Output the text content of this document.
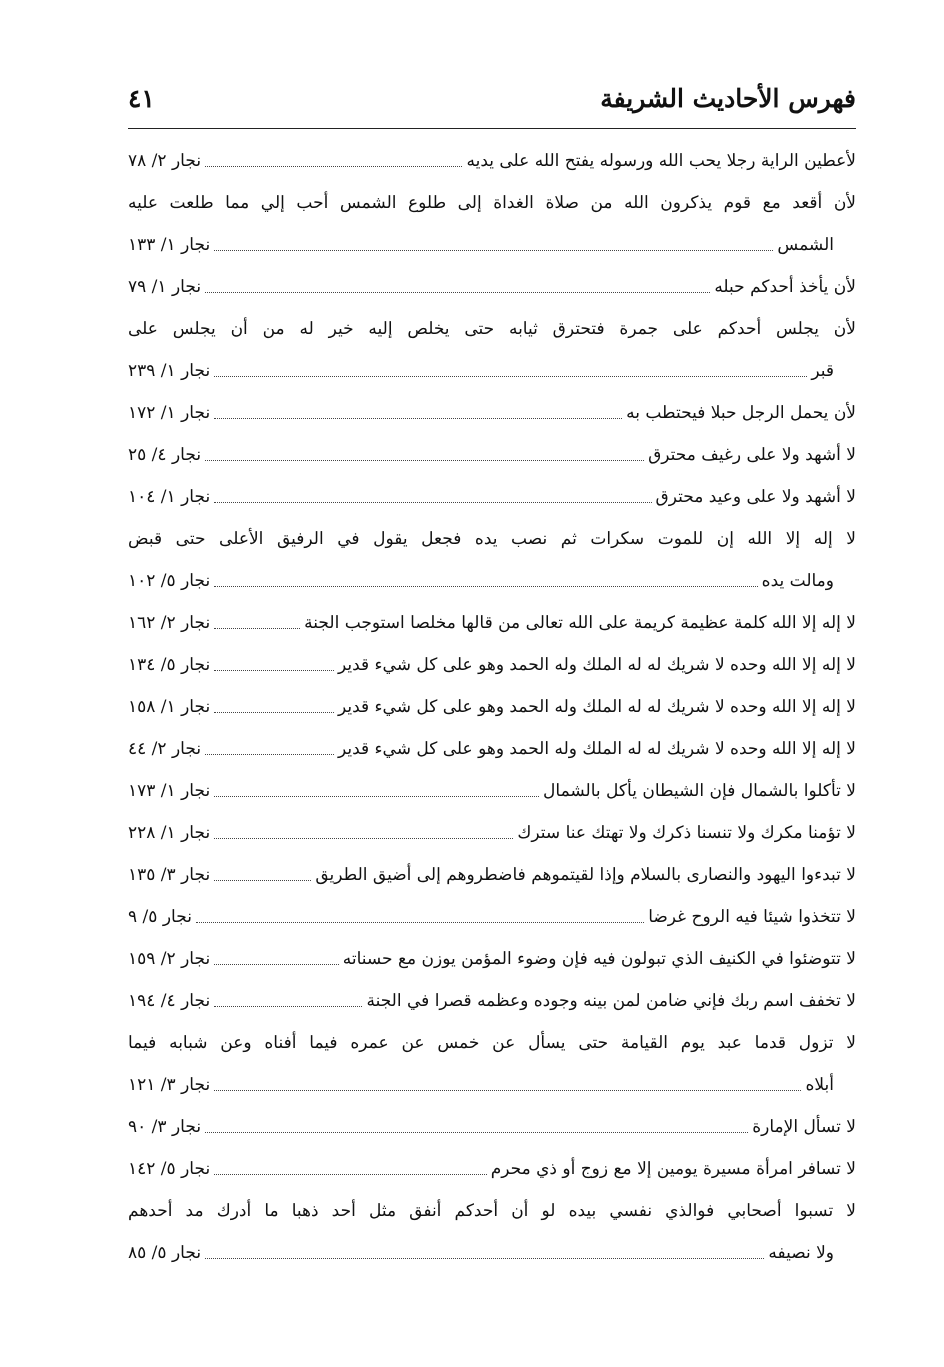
فهرس الأحاديث الشريفة
٤١
لأعطين الراية رجلا يحب الله ورسوله يفتح الله على يديه
نجار ٢/ ٧٨
لأن أقعد مع قوم يذكرون الله من صلاة الغداة إلى طلوع الشمس أحب إلي مما طلعت عليه
الشمس
نجار ١/ ١٣٣
لأن يأخذ أحدكم حبله
نجار ١/ ٧٩
لأن يجلس أحدكم على جمرة فتحترق ثيابه حتى يخلص إليه خير له من أن يجلس على
قبر
نجار ١/ ٢٣٩
لأن يحمل الرجل حبلا فيحتطب به
نجار ١/ ١٧٢
لا أشهد ولا على رغيف محترق
نجار ٤/ ٢٥
لا أشهد ولا على وعيد محترق
نجار ١/ ١٠٤
لا إله إلا الله إن للموت سكرات ثم نصب يده فجعل يقول في الرفيق الأعلى حتى قبض
ومالت يده
نجار ٥/ ١٠٢
لا إله إلا الله كلمة عظيمة كريمة على الله تعالى من قالها مخلصا استوجب الجنة
نجار ٢/ ١٦٢
لا إله إلا الله وحده لا شريك له له الملك وله الحمد وهو على كل شيء قدير
نجار ٥/ ١٣٤
لا إله إلا الله وحده لا شريك له له الملك وله الحمد وهو على كل شيء قدير
نجار ١/ ١٥٨
لا إله إلا الله وحده لا شريك له له الملك وله الحمد وهو على كل شيء قدير
نجار ٢/ ٤٤
لا تأكلوا بالشمال فإن الشيطان يأكل بالشمال
نجار ١/ ١٧٣
لا تؤمنا مكرك ولا تنسنا ذكرك ولا تهتك عنا سترك
نجار ١/ ٢٢٨
لا تبدءوا اليهود والنصارى بالسلام وإذا لقيتموهم فاضطروهم إلى أضيق الطريق
نجار ٣/ ١٣٥
لا تتخذوا شيئا فيه الروح غرضا
نجار ٥/ ٩
لا تتوضئوا في الكنيف الذي تبولون فيه فإن وضوء المؤمن يوزن مع حسناته
نجار ٢/ ١٥٩
لا تخفف اسم ربك فإني ضامن لمن بينه وجوده وعظمه قصرا في الجنة
نجار ٤/ ١٩٤
لا تزول قدما عبد يوم القيامة حتى يسأل عن خمس عن عمره فيما أفناه وعن شبابه فيما
أبلاه
نجار ٣/ ١٢١
لا تسأل الإمارة
نجار ٣/ ٩٠
لا تسافر امرأة مسيرة يومين إلا مع زوج أو ذي محرم
نجار ٥/ ١٤٢
لا تسبوا أصحابي فوالذي نفسي بيده لو أن أحدكم أنفق مثل أحد ذهبا ما أدرك مد أحدهم
ولا نصيفه
نجار ٥/ ٨٥
